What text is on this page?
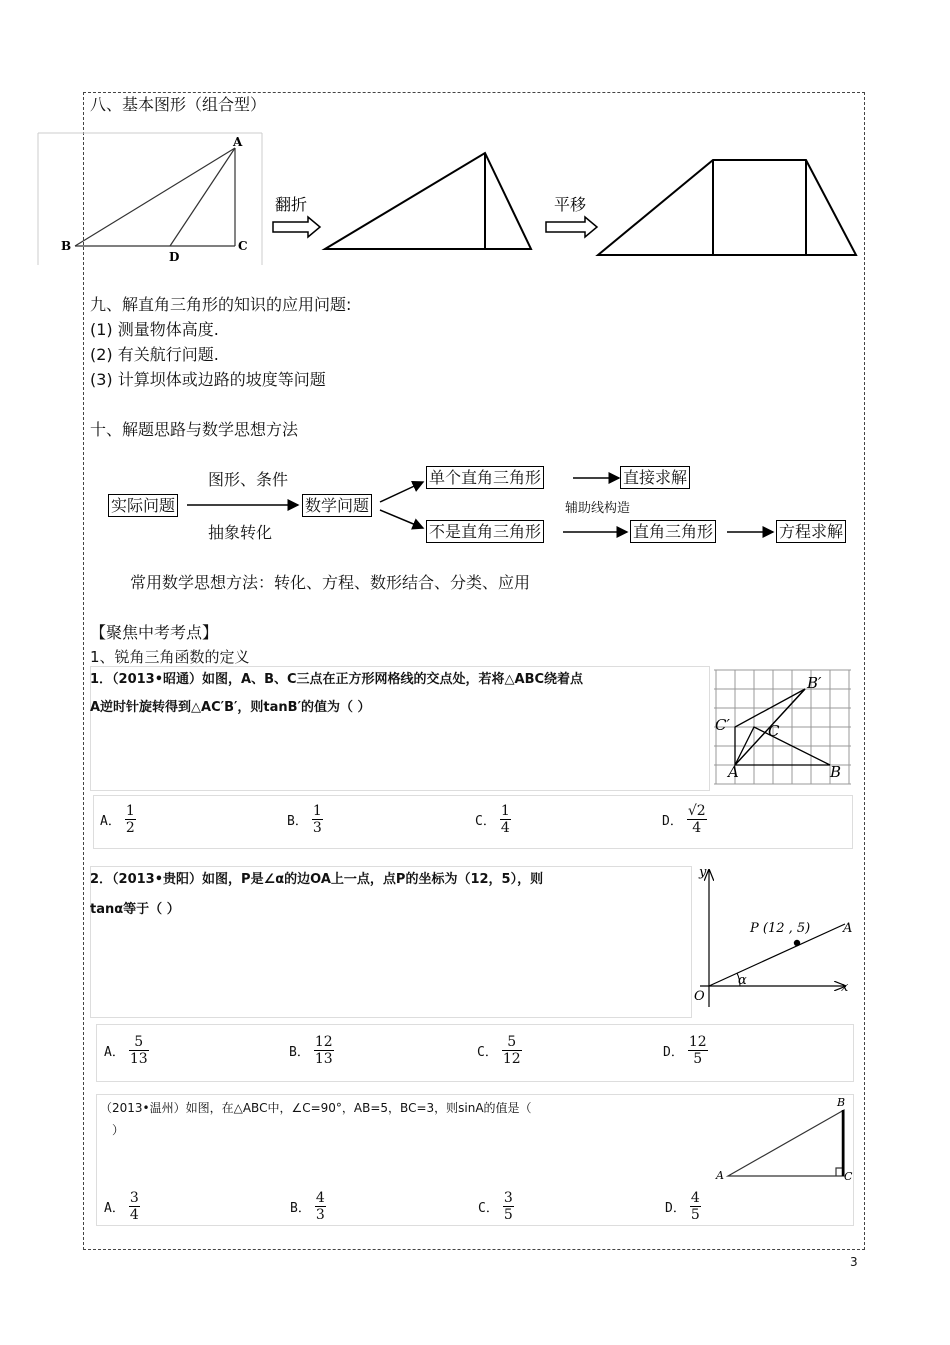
八、基本图形（组合型）
A
B	C
D
翻折	平移
九、解直角三角形的知识的应用问题:
(1) 测量物体高度.
(2) 有关航行问题.
(3) 计算坝体或边路的坡度等问题
十、解题思路与数学思想方法
图形、条件
抽象转化
实际问题	数学问题
单个直角三角形	直接求解
不是直角三角形
辅助线构造
直角三角形	方程求解
常用数学思想方法：转化、方程、数形结合、分类、应用
【聚焦中考考点】
1、锐角三角函数的定义
1．（2013•昭通）如图，A、B、C三点在正方形网格线的交点处，若将△ABC绕着点
A逆时针旋转得到△AC′B′，则tanB′的值为（ ）
A	B
C
C′
B′
A． $\frac{1}{2}$	B． $\frac{1}{3}$	C． $\frac{1}{4}$	D． $\frac{√2}{4}$
2．（2013•贵阳）如图，P是∠α的边OA上一点，点P的坐标为（12，5），则
tanα等于（ ）
y
x
O
P (12 , 5)	A
α
A． $\frac{5}{13}$	B． $\frac{12}{13}$	C． $\frac{5}{12}$	D． $\frac{12}{5}$
（2013•温州）如图，在△ABC中，∠C=90°，AB=5，BC=3，则sinA的值是（
）
A
B
C
A． $\frac{3}{4}$	B． $\frac{4}{3}$	C． $\frac{3}{5}$	D． $\frac{4}{5}$
3
